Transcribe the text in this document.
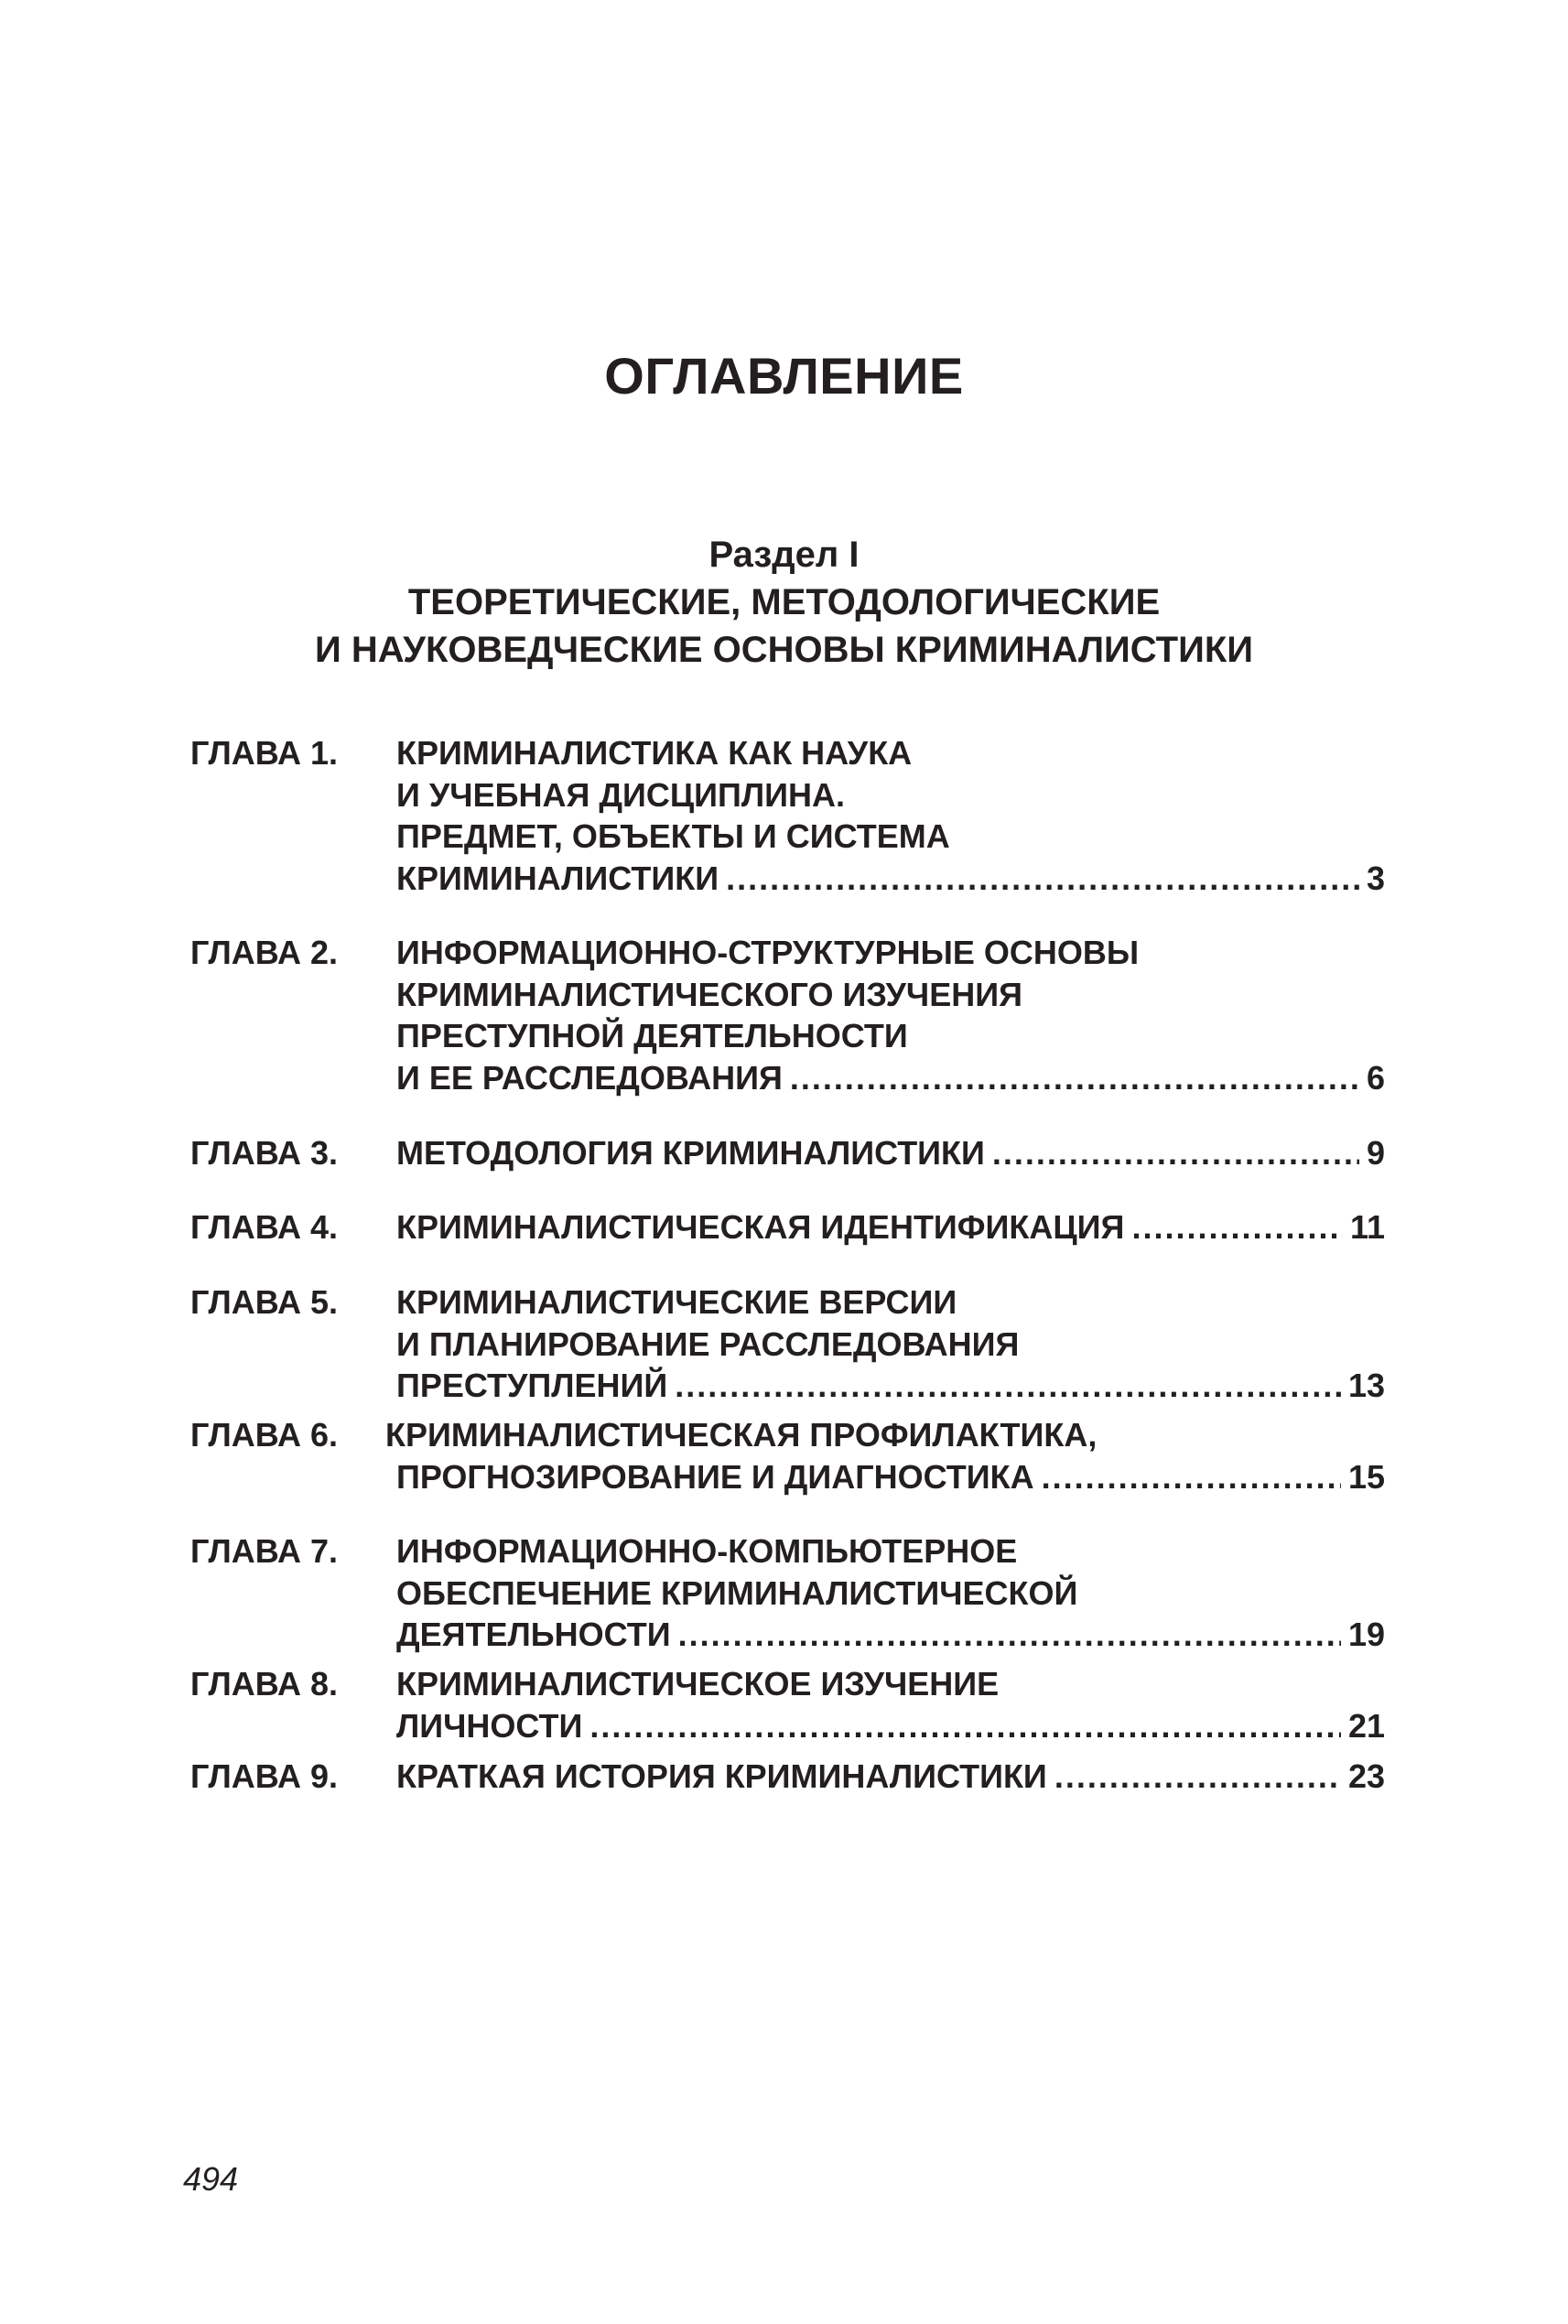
ОГЛАВЛЕНИЕ
Раздел I
ТЕОРЕТИЧЕСКИЕ, МЕТОДОЛОГИЧЕСКИЕ
И НАУКОВЕДЧЕСКИЕ ОСНОВЫ КРИМИНАЛИСТИКИ
ГЛАВА 1. КРИМИНАЛИСТИКА КАК НАУКА
И УЧЕБНАЯ ДИСЦИПЛИНА.
ПРЕДМЕТ, ОБЪЕКТЫ И СИСТЕМА
КРИМИНАЛИСТИКИ .....	3
ГЛАВА 2. ИНФОРМАЦИОННО-СТРУКТУРНЫЕ ОСНОВЫ
КРИМИНАЛИСТИЧЕСКОГО ИЗУЧЕНИЯ
ПРЕСТУПНОЙ ДЕЯТЕЛЬНОСТИ
И ЕЕ РАССЛЕДОВАНИЯ .....	6
ГЛАВА 3. МЕТОДОЛОГИЯ КРИМИНАЛИСТИКИ .....	9
ГЛАВА 4. КРИМИНАЛИСТИЧЕСКАЯ ИДЕНТИФИКАЦИЯ .....	11
ГЛАВА 5. КРИМИНАЛИСТИЧЕСКИЕ ВЕРСИИ
И ПЛАНИРОВАНИЕ РАССЛЕДОВАНИЯ
ПРЕСТУПЛЕНИЙ .....	13
ГЛАВА 6.	КРИМИНАЛИСТИЧЕСКАЯ ПРОФИЛАКТИКА,
ПРОГНОЗИРОВАНИЕ И ДИАГНОСТИКА .....	15
ГЛАВА 7. ИНФОРМАЦИОННО-КОМПЬЮТЕРНОЕ
ОБЕСПЕЧЕНИЕ КРИМИНАЛИСТИЧЕСКОЙ
ДЕЯТЕЛЬНОСТИ .....	19
ГЛАВА 8. КРИМИНАЛИСТИЧЕСКОЕ ИЗУЧЕНИЕ
ЛИЧНОСТИ .....	21
ГЛАВА 9. КРАТКАЯ ИСТОРИЯ КРИМИНАЛИСТИКИ .....	23
494
